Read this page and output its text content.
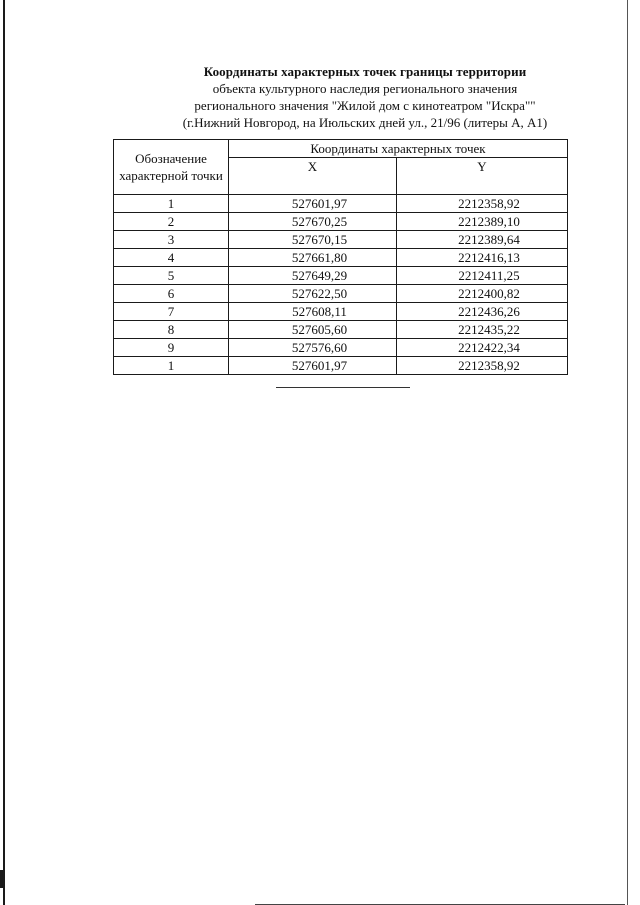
Координаты характерных точек границы территории
объекта культурного наследия регионального значения
регионального значения "Жилой дом с кинотеатром "Искра""
(г.Нижний Новгород, на Июльских дней ул., 21/96 (литеры А, А1)
Обозначение характерной точки	Координаты характерных точек	
	X	Y
1	527601,97	2212358,92
2	527670,25	2212389,10
3	527670,15	2212389,64
4	527661,80	2212416,13
5	527649,29	2212411,25
6	527622,50	2212400,82
7	527608,11	2212436,26
8	527605,60	2212435,22
9	527576,60	2212422,34
1	527601,97	2212358,92
